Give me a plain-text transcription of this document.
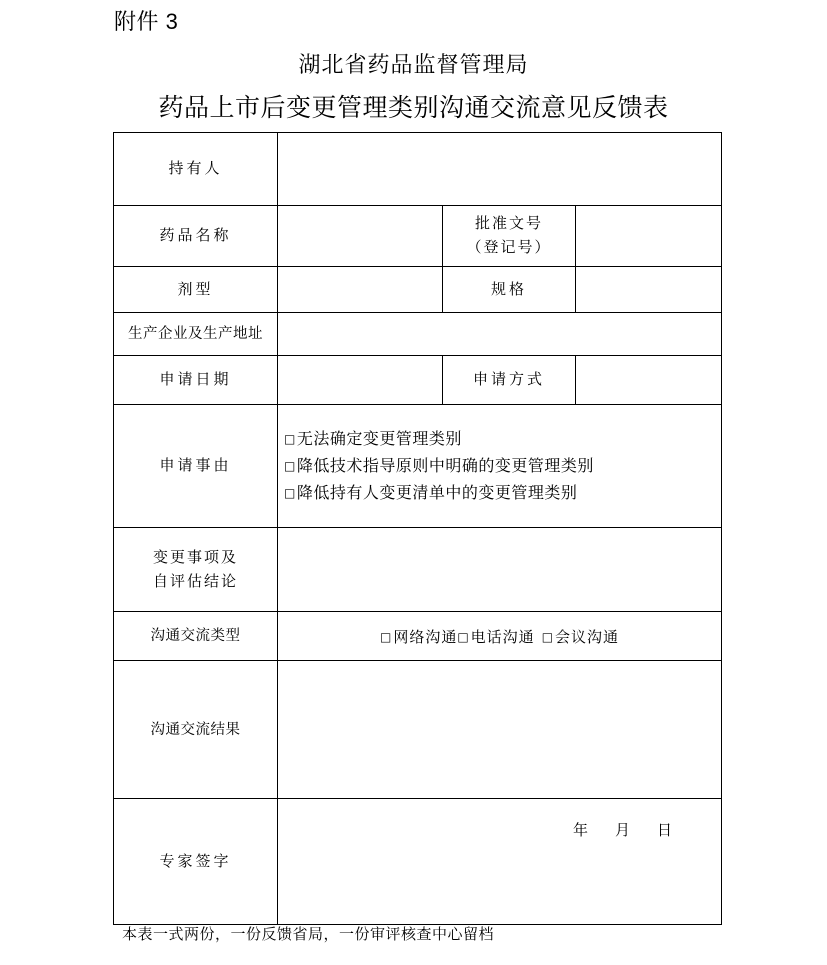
附件 3
湖北省药品监督管理局
药品上市后变更管理类别沟通交流意见反馈表
持有人			
药品名称		批准文号
（登记号）	

剂型		规格	
生产企业及生产地址			
申请日期		申请方式	
申请事由	□无法确定变更管理类别
□降低技术指导原则中明确的变更管理类别
□降低持有人变更清单中的变更管理类别		

变更事项及
自评估结论			

沟通交流类型	□网络沟通□电话沟通 □会议沟通		
沟通交流结果			
专家签字	年 月 日		
本表一式两份，一份反馈省局，一份审评核查中心留档
